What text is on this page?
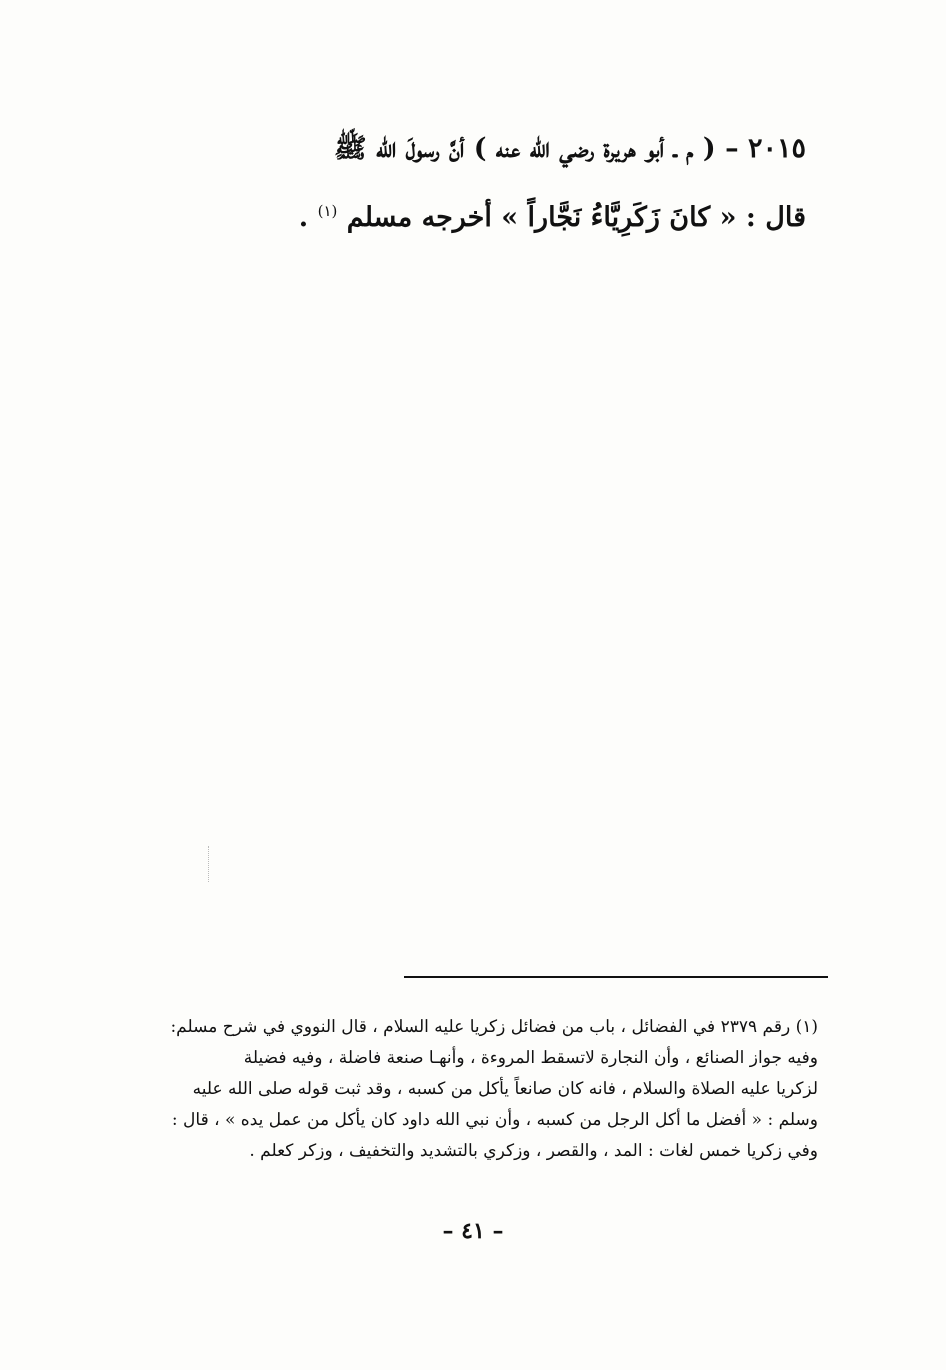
٢٠١٥ – ( م ـ أبو هريرة رضي الله عنه ) أنَّ رسولَ الله ﷺ
قال : « كانَ زَكَرِيَّاءُ نَجَّاراً » أخرجه مسلم $^{(١)}$ .
(١) رقم ٢٣٧٩ في الفضائل ، باب من فضائل زكريا عليه السلام ، قال النووي في شرح مسلم:
وفيه جواز الصنائع ، وأن النجارة لاتسقط المروءة ، وأنهـا صنعة فاضلة ، وفيه فضيلة
لزكريا عليه الصلاة والسلام ، فانه كان صانعاً يأكل من كسبه ، وقد ثبت قوله صلى الله عليه
وسلم : « أفضل ما أكل الرجل من كسبه ، وأن نبي الله داود كان يأكل من عمل يده » ، قال :
وفي زكريا خمس لغات : المد ، والقصر ، وزكري بالتشديد والتخفيف ، وزكر كعلم .
– ٤١ –
